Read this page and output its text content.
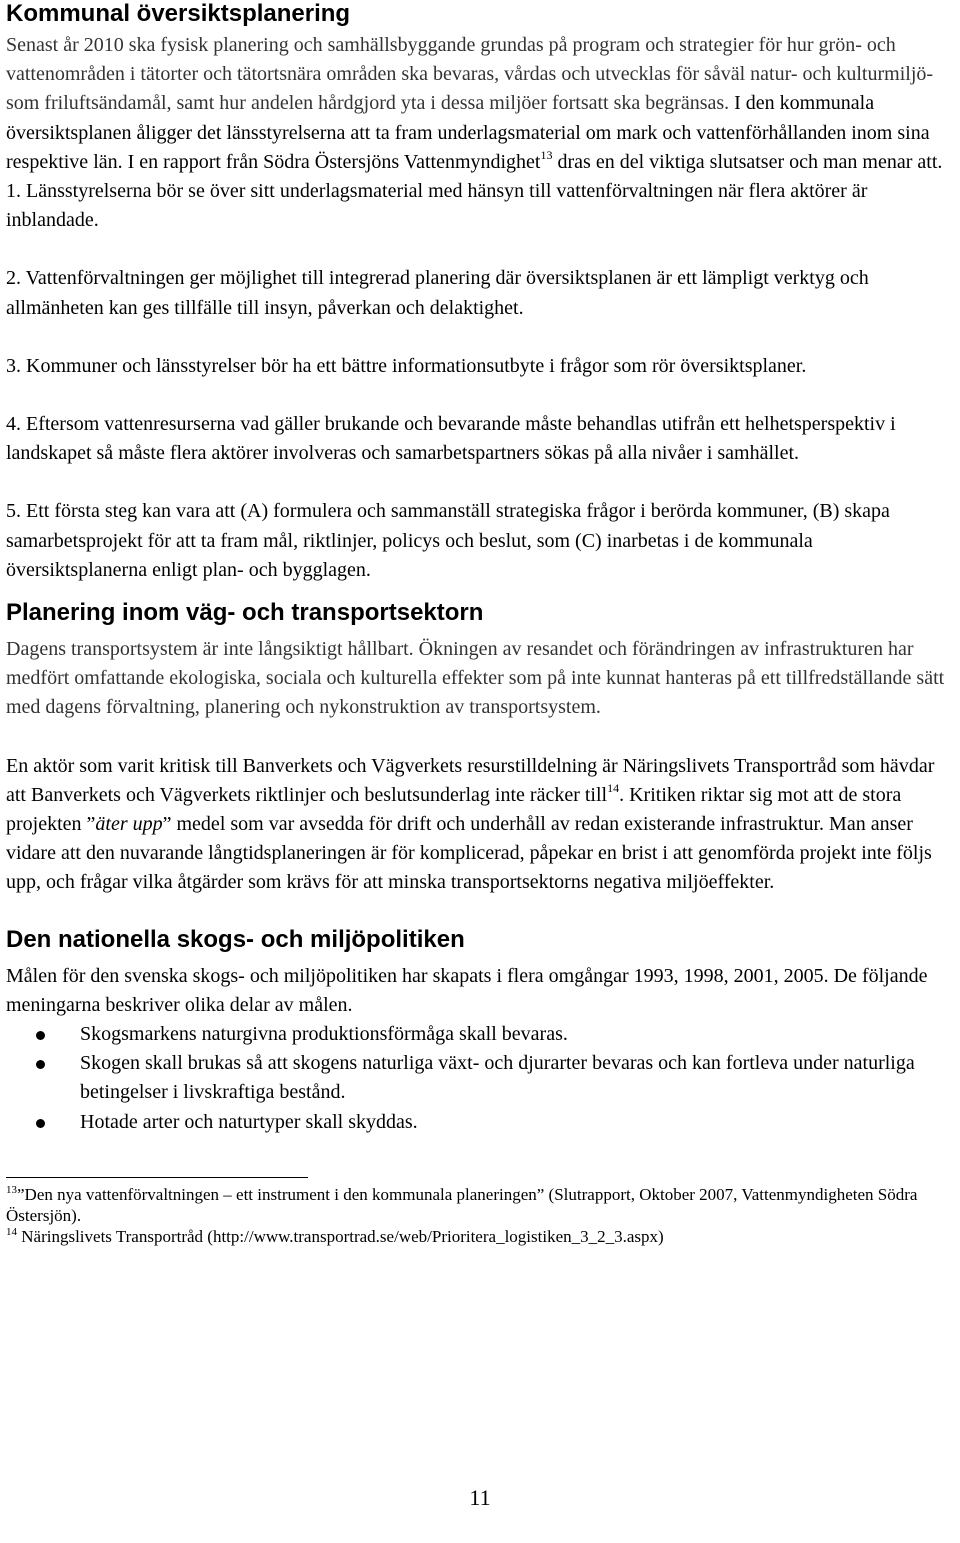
Kommunal översiktsplanering

Senast år 2010 ska fysisk planering och samhällsbyggande grundas på program och strategier för hur grön- och vattenområden i tätorter och tätortsnära områden ska bevaras, vårdas och utvecklas för såväl natur- och kulturmiljö- som friluftsändamål, samt hur andelen hårdgjord yta i dessa miljöer fortsatt ska begränsas. I den kommunala översiktsplanen åligger det länsstyrelserna att ta fram underlagsmaterial om mark och vattenförhållanden inom sina respektive län. I en rapport från Södra Östersjöns Vattenmyndighet$^{13}$ dras en del viktiga slutsatser och man menar att.

1. Länsstyrelserna bör se över sitt underlagsmaterial med hänsyn till vattenförvaltningen när flera aktörer är inblandade.

2. Vattenförvaltningen ger möjlighet till integrerad planering där översiktsplanen är ett lämpligt verktyg och allmänheten kan ges tillfälle till insyn, påverkan och delaktighet.

3. Kommuner och länsstyrelser bör ha ett bättre informationsutbyte i frågor som rör översiktsplaner.

4. Eftersom vattenresurserna vad gäller brukande och bevarande måste behandlas utifrån ett helhetsperspektiv i landskapet så måste flera aktörer involveras och samarbetspartners sökas på alla nivåer i samhället.

5. Ett första steg kan vara att (A) formulera och sammanställ strategiska frågor i berörda kommuner, (B) skapa samarbetsprojekt för att ta fram mål, riktlinjer, policys och beslut, som (C) inarbetas i de kommunala översiktsplanerna enligt plan- och bygglagen.

Planering inom väg- och transportsektorn

Dagens transportsystem är inte långsiktigt hållbart. Ökningen av resandet och förändringen av infrastrukturen har medfört omfattande ekologiska, sociala och kulturella effekter som på inte kunnat hanteras på ett tillfredställande sätt med dagens förvaltning, planering och nykonstruktion av transportsystem.

En aktör som varit kritisk till Banverkets och Vägverkets resurstilldelning är Näringslivets Transportråd som hävdar att Banverkets och Vägverkets riktlinjer och beslutsunderlag inte räcker till$^{14}$. Kritiken riktar sig mot att de stora projekten ”äter upp” medel som var avsedda för drift och underhåll av redan existerande infrastruktur. Man anser vidare att den nuvarande långtidsplaneringen är för komplicerad, påpekar en brist i att genomförda projekt inte följs upp, och frågar vilka åtgärder som krävs för att minska transportsektorns negativa miljöeffekter.

Den nationella skogs- och miljöpolitiken

Målen för den svenska skogs- och miljöpolitiken har skapats i flera omgångar 1993, 1998, 2001, 2005. De följande meningarna beskriver olika delar av målen.

Skogsmarkens naturgivna produktionsförmåga skall bevaras.
Skogen skall brukas så att skogens naturliga växt- och djurarter bevaras och kan fortleva under naturliga betingelser i livskraftiga bestånd.
Hotade arter och naturtyper skall skyddas.

$^{13}$”Den nya vattenförvaltningen – ett instrument i den kommunala planeringen” (Slutrapport, Oktober 2007, Vattenmyndigheten Södra Östersjön).

$^{14}$ Näringslivets Transportråd (http://www.transportrad.se/web/Prioritera_logistiken_3_2_3.aspx)

11
